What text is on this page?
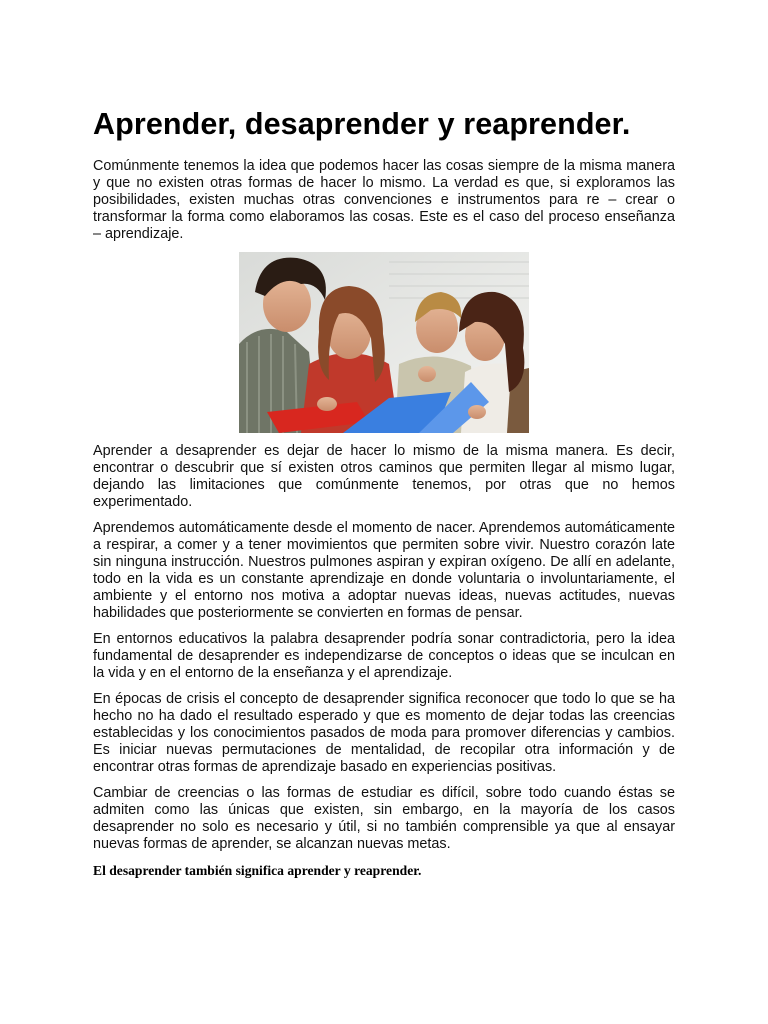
Aprender, desaprender y reaprender.

Comúnmente tenemos la idea que podemos hacer las cosas siempre de la misma manera y que no existen otras formas de hacer lo mismo. La verdad es que, si exploramos las posibilidades, existen muchas otras convenciones e instrumentos para re – crear o transformar la forma como elaboramos las cosas. Este es el caso del proceso enseñanza – aprendizaje.

Aprender a desaprender es dejar de hacer lo mismo de la misma manera. Es decir, encontrar o descubrir que sí existen otros caminos que permiten llegar al mismo lugar, dejando las limitaciones que comúnmente tenemos, por otras que no hemos experimentado.

Aprendemos automáticamente desde el momento de nacer. Aprendemos automáticamente a respirar, a comer y a tener movimientos que permiten sobre vivir. Nuestro corazón late sin ninguna instrucción. Nuestros pulmones aspiran y expiran oxígeno. De allí en adelante, todo en la vida es un constante aprendizaje en donde voluntaria o involuntariamente, el ambiente y el entorno nos motiva a adoptar nuevas ideas, nuevas actitudes, nuevas habilidades que posteriormente se convierten en formas de pensar.

En entornos educativos la palabra desaprender podría sonar contradictoria, pero la idea fundamental de desaprender es independizarse de conceptos o ideas que se inculcan en la vida y en el entorno de la enseñanza y el aprendizaje.

En épocas de crisis el concepto de desaprender significa reconocer que todo lo que se ha hecho no ha dado el resultado esperado y que es momento de dejar todas las creencias establecidas y los conocimientos pasados de moda para promover diferencias y cambios. Es iniciar nuevas permutaciones de mentalidad, de recopilar otra información y de encontrar otras formas de aprendizaje basado en experiencias positivas.

Cambiar de creencias o las formas de estudiar es difícil, sobre todo cuando éstas se admiten como las únicas que existen, sin embargo, en la mayoría de los casos desaprender no solo es necesario y útil, si no también comprensible ya que al ensayar nuevas formas de aprender, se alcanzan nuevas metas.

El desaprender también significa aprender y reaprender.
